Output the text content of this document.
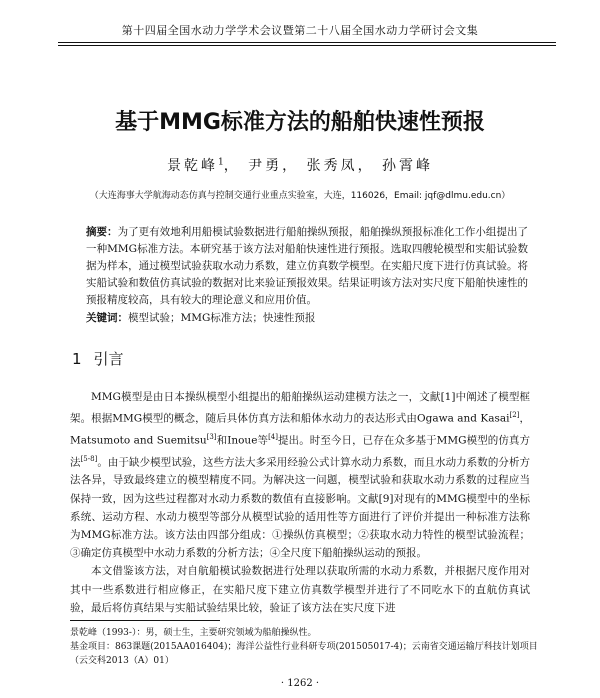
第十四届全国水动力学学术会议暨第二十八届全国水动力学研讨会文集
基于MMG标准方法的船舶快速性预报
景乾峰$^1$， 尹勇， 张秀凤， 孙霄峰
（大连海事大学航海动态仿真与控制交通行业重点实验室，大连，116026，Email: jqf@dlmu.edu.cn）
摘要：为了更有效地利用船模试验数据进行船舶操纵预报，船舶操纵预报标准化工作小组提出了一种MMG标准方法。本研究基于该方法对船舶快速性进行预报。选取四艘轮模型和实船试验数据为样本，通过模型试验获取水动力系数，建立仿真数学模型。在实船尺度下进行仿真试验。将实船试验和数值仿真试验的数据对比来验证预报效果。结果证明该方法对实尺度下船舶快速性的预报精度较高，具有较大的理论意义和应用价值。
关键词：模型试验；MMG标准方法；快速性预报
1 引言

MMG模型是由日本操纵模型小组提出的船舶操纵运动建模方法之一，文献[1]中阐述了模型框架。根据MMG模型的概念，随后具体仿真方法和船体水动力的表达形式由Ogawa and Kasai[2]，Matsumoto and Suemitsu[3]和Inoue等[4]提出。时至今日，已存在众多基于MMG模型的仿真方法[5-8]。由于缺少模型试验，这些方法大多采用经验公式计算水动力系数，而且水动力系数的分析方法各异，导致最终建立的模型精度不同。为解决这一问题，模型试验和获取水动力系数的过程应当保持一致，因为这些过程都对水动力系数的数值有直接影响。文献[9]对现有的MMG模型中的坐标系统、运动方程、水动力模型等部分从模型试验的适用性等方面进行了评价并提出一种标准方法称为MMG标准方法。该方法由四部分组成：①操纵仿真模型；②获取水动力特性的模型试验流程；③确定仿真模型中水动力系数的分析方法；④全尺度下船舶操纵运动的预报。

本文借鉴该方法，对自航船模试验数据进行处理以获取所需的水动力系数，并根据尺度作用对其中一些系数进行相应修正，在实船尺度下建立仿真数学模型并进行了不同吃水下的直航仿真试验，最后将仿真结果与实船试验结果比较，验证了该方法在实尺度下进

景乾峰（1993-）：男，硕士生，主要研究领域为船舶操纵性。
基金项目：863课题(2015AA016404)；海洋公益性行业科研专项(201505017-4)；云南省交通运输厅科技计划项目（云交科2013（A）01）
· 1262 ·
